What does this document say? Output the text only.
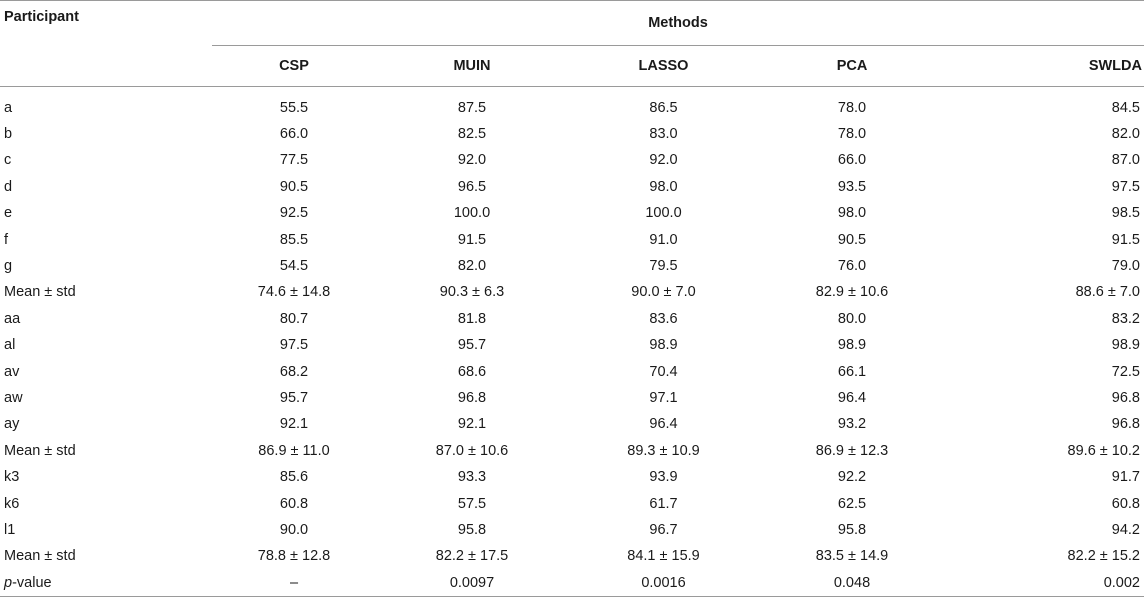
Participant	Methods				
	CSP	MUIN	LASSO	PCA	SWLDA

a	55.5	87.5	86.5	78.0	84.5
b	66.0	82.5	83.0	78.0	82.0
c	77.5	92.0	92.0	66.0	87.0
d	90.5	96.5	98.0	93.5	97.5
e	92.5	100.0	100.0	98.0	98.5
f	85.5	91.5	91.0	90.5	91.5
g	54.5	82.0	79.5	76.0	79.0
Mean ± std	74.6 ± 14.8	90.3 ± 6.3	90.0 ± 7.0	82.9 ± 10.6	88.6 ± 7.0
aa	80.7	81.8	83.6	80.0	83.2
al	97.5	95.7	98.9	98.9	98.9
av	68.2	68.6	70.4	66.1	72.5
aw	95.7	96.8	97.1	96.4	96.8
ay	92.1	92.1	96.4	93.2	96.8
Mean ± std	86.9 ± 11.0	87.0 ± 10.6	89.3 ± 10.9	86.9 ± 12.3	89.6 ± 10.2
k3	85.6	93.3	93.9	92.2	91.7
k6	60.8	57.5	61.7	62.5	60.8
l1	90.0	95.8	96.7	95.8	94.2
Mean ± std	78.8 ± 12.8	82.2 ± 17.5	84.1 ± 15.9	83.5 ± 14.9	82.2 ± 15.2
p-value	–	0.0097	0.0016	0.048	0.002
